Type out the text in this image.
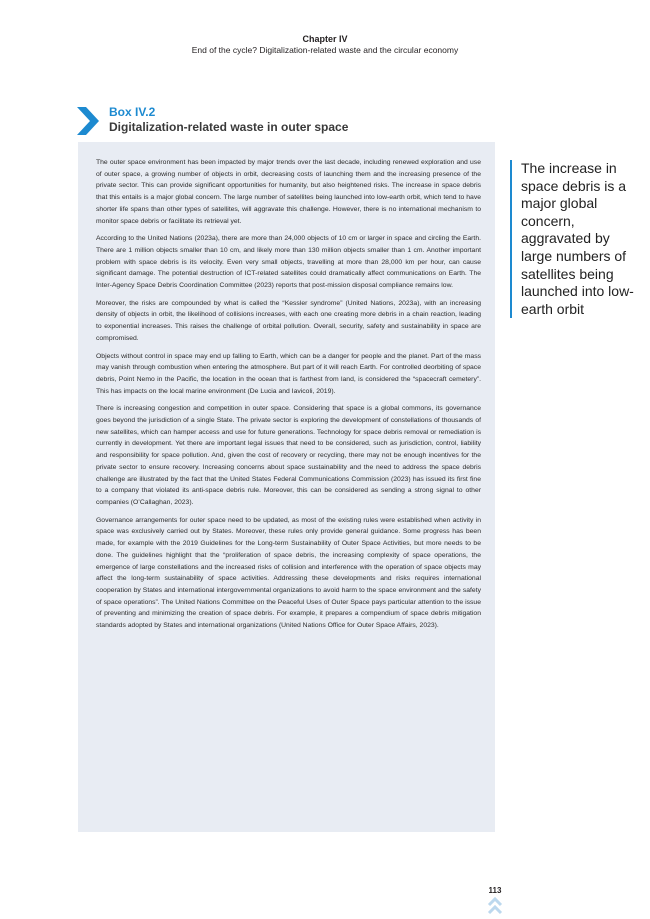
Chapter IV
End of the cycle? Digitalization-related waste and the circular economy
Box IV.2
Digitalization-related waste in outer space

The outer space environment has been impacted by major trends over the last decade, including renewed exploration and use of outer space, a growing number of objects in orbit, decreasing costs of launching them and the increasing presence of the private sector. This can provide significant opportunities for humanity, but also heightened risks. The increase in space debris that this entails is a major global concern. The large number of satellites being launched into low-earth orbit, which tend to have shorter life spans than other types of satellites, will aggravate this challenge. However, there is no international mechanism to monitor space debris or facilitate its retrieval yet.

According to the United Nations (2023a), there are more than 24,000 objects of 10 cm or larger in space and circling the Earth. There are 1 million objects smaller than 10 cm, and likely more than 130 million objects smaller than 1 cm. Another important problem with space debris is its velocity. Even very small objects, travelling at more than 28,000 km per hour, can cause significant damage. The potential destruction of ICT-related satellites could dramatically affect communications on Earth. The Inter-Agency Space Debris Coordination Committee (2023) reports that post-mission disposal compliance remains low.

Moreover, the risks are compounded by what is called the “Kessler syndrome” (United Nations, 2023a), with an increasing density of objects in orbit, the likelihood of collisions increases, with each one creating more debris in a chain reaction, leading to exponential increases. This raises the challenge of orbital pollution. Overall, security, safety and sustainability in space are compromised.

Objects without control in space may end up falling to Earth, which can be a danger for people and the planet. Part of the mass may vanish through combustion when entering the atmosphere. But part of it will reach Earth. For controlled deorbiting of space debris, Point Nemo in the Pacific, the location in the ocean that is farthest from land, is considered the “spacecraft cemetery”. This has impacts on the local marine environment (De Lucia and Iavicoli, 2019).

There is increasing congestion and competition in outer space. Considering that space is a global commons, its governance goes beyond the jurisdiction of a single State. The private sector is exploring the development of constellations of thousands of new satellites, which can hamper access and use for future generations. Technology for space debris removal or remediation is currently in development. Yet there are important legal issues that need to be considered, such as jurisdiction, control, liability and responsibility for space pollution. And, given the cost of recovery or recycling, there may not be enough incentives for the private sector to ensure recovery. Increasing concerns about space sustainability and the need to address the space debris challenge are illustrated by the fact that the United States Federal Communications Commission (2023) has issued its first fine to a company that violated its anti-space debris rule. Moreover, this can be considered as sending a strong signal to other companies (O’Callaghan, 2023).

Governance arrangements for outer space need to be updated, as most of the existing rules were established when activity in space was exclusively carried out by States. Moreover, these rules only provide general guidance. Some progress has been made, for example with the 2019 Guidelines for the Long-term Sustainability of Outer Space Activities, but more needs to be done. The guidelines highlight that the “proliferation of space debris, the increasing complexity of space operations, the emergence of large constellations and the increased risks of collision and interference with the operation of space objects may affect the long-term sustainability of space activities. Addressing these developments and risks requires international cooperation by States and international intergovernmental organizations to avoid harm to the space environment and the safety of space operations”. The United Nations Committee on the Peaceful Uses of Outer Space pays particular attention to the issue of preventing and minimizing the creation of space debris. For example, it prepares a compendium of space debris mitigation standards adopted by States and international organizations (United Nations Office for Outer Space Affairs, 2023).

The increase in space debris is a major global concern, aggravated by large numbers of satellites being launched into low-earth orbit
113
